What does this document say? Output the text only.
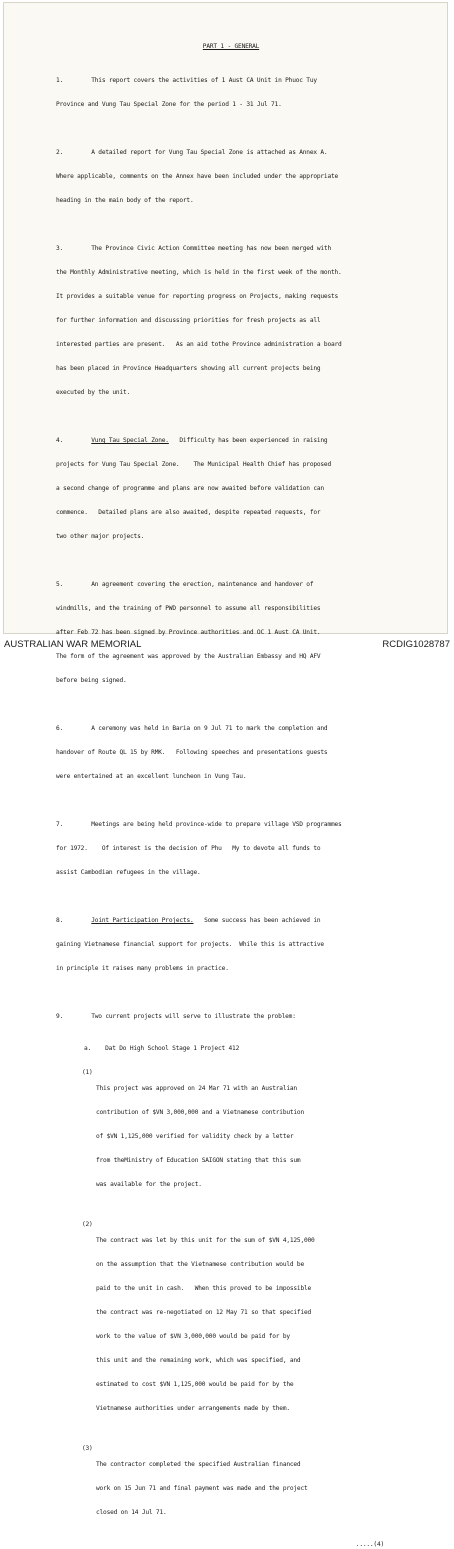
PART 1 - GENERAL

1.        This report covers the activities of 1 Aust CA Unit in Phuoc Tuy

Province and Vung Tau Special Zone for the period 1 - 31 Jul 71.

2.        A detailed report for Vung Tau Special Zone is attached as Annex A.

Where applicable, comments on the Annex have been included under the appropriate

heading in the main body of the report.

3.        The Province Civic Action Committee meeting has now been merged with

the Monthly Administrative meeting, which is held in the first week of the month.

It provides a suitable venue for reporting progress on Projects, making requests

for further information and discussing priorities for fresh projects as all

interested parties are present.   As an aid tothe Province administration a board

has been placed in Province Headquarters showing all current projects being

executed by the unit.

4.        Vung Tau Special Zone.   Difficulty has been experienced in raising

projects for Vung Tau Special Zone.    The Municipal Health Chief has proposed

a second change of programme and plans are now awaited before validation can

commence.   Detailed plans are also awaited, despite repeated requests, for

two other major projects.

5.        An agreement covering the erection, maintenance and handover of

windmills, and the training of PWD personnel to assume all responsibilities

after Feb 72 has been signed by Province authorities and OC 1 Aust CA Unit.

The form of the agreement was approved by the Australian Embassy and HQ AFV

before being signed.

6.        A ceremony was held in Baria on 9 Jul 71 to mark the completion and

handover of Route QL 15 by RMK.   Following speeches and presentations guests

were entertained at an excellent luncheon in Vung Tau.

7.        Meetings are being held province-wide to prepare village VSD programmes

for 1972.    Of interest is the decision of Phu   My to devote all funds to

assist Cambodian refugees in the village.

8.        Joint Participation Projects.   Some success has been achieved in

gaining Vietnamese financial support for projects.  While this is attractive

in principle it raises many problems in practice.

9.        Two current projects will serve to illustrate the problem:

a.    Dat Do High School Stage 1 Project 412

(1)

This project was approved on 24 Mar 71 with an Australian

contribution of $VN 3,000,000 and a Vietnamese contribution

of $VN 1,125,000 verified for validity check by a letter

from theMinistry of Education SAIGON stating that this sum

was available for the project.

(2)

The contract was let by this unit for the sum of $VN 4,125,000

on the assumption that the Vietnamese contribution would be

paid to the unit in cash.   When this proved to be impossible

the contract was re-negotiated on 12 May 71 so that specified

work to the value of $VN 3,000,000 would be paid for by

this unit and the remaining work, which was specified, and

estimated to cost $VN 1,125,000 would be paid for by the

Vietnamese authorities under arrangements made by them.

(3)

The contractor completed the specified Australian financed

work on 15 Jun 71 and final payment was made and the project

closed on 14 Jul 71.

.....(4)
AUSTRALIAN WAR MEMORIAL	RCDIG1028787
